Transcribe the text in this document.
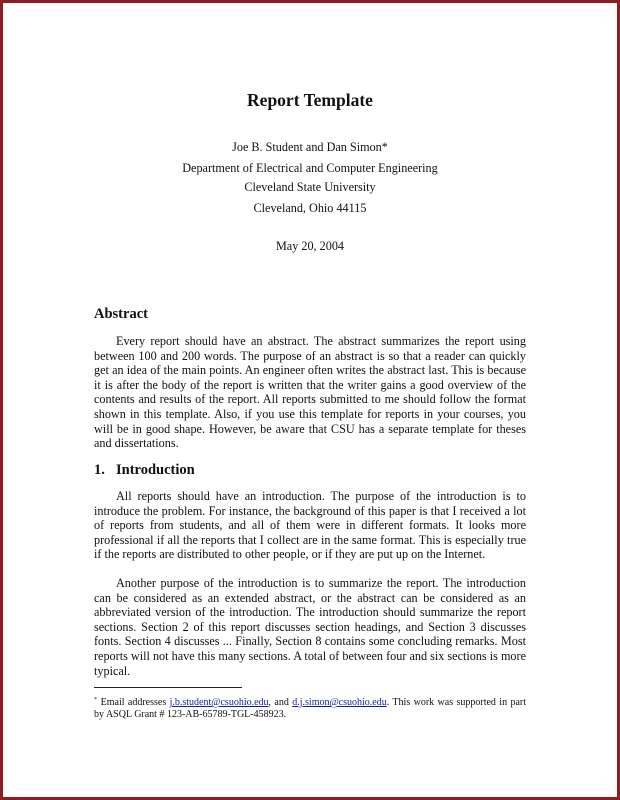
Report Template
Joe B. Student and Dan Simon*
Department of Electrical and Computer Engineering
Cleveland State University
Cleveland, Ohio 44115
May 20, 2004
Abstract
Every report should have an abstract. The abstract summarizes the report using between 100 and 200 words. The purpose of an abstract is so that a reader can quickly get an idea of the main points. An engineer often writes the abstract last. This is because it is after the body of the report is written that the writer gains a good overview of the contents and results of the report. All reports submitted to me should follow the format shown in this template. Also, if you use this template for reports in your courses, you will be in good shape. However, be aware that CSU has a separate template for theses and dissertations.
1. Introduction
All reports should have an introduction. The purpose of the introduction is to introduce the problem. For instance, the background of this paper is that I received a lot of reports from students, and all of them were in different formats. It looks more professional if all the reports that I collect are in the same format. This is especially true if the reports are distributed to other people, or if they are put up on the Internet.
Another purpose of the introduction is to summarize the report. The introduction can be considered as an extended abstract, or the abstract can be considered as an abbreviated version of the introduction. The introduction should summarize the report sections. Section 2 of this report discusses section headings, and Section 3 discusses fonts. Section 4 discusses ... Finally, Section 8 contains some concluding remarks. Most reports will not have this many sections. A total of between four and six sections is more typical.
* Email addresses j.b.student@csuohio.edu, and d.j.simon@csuohio.edu. This work was supported in part by ASQL Grant # 123-AB-65789-TGL-458923.
